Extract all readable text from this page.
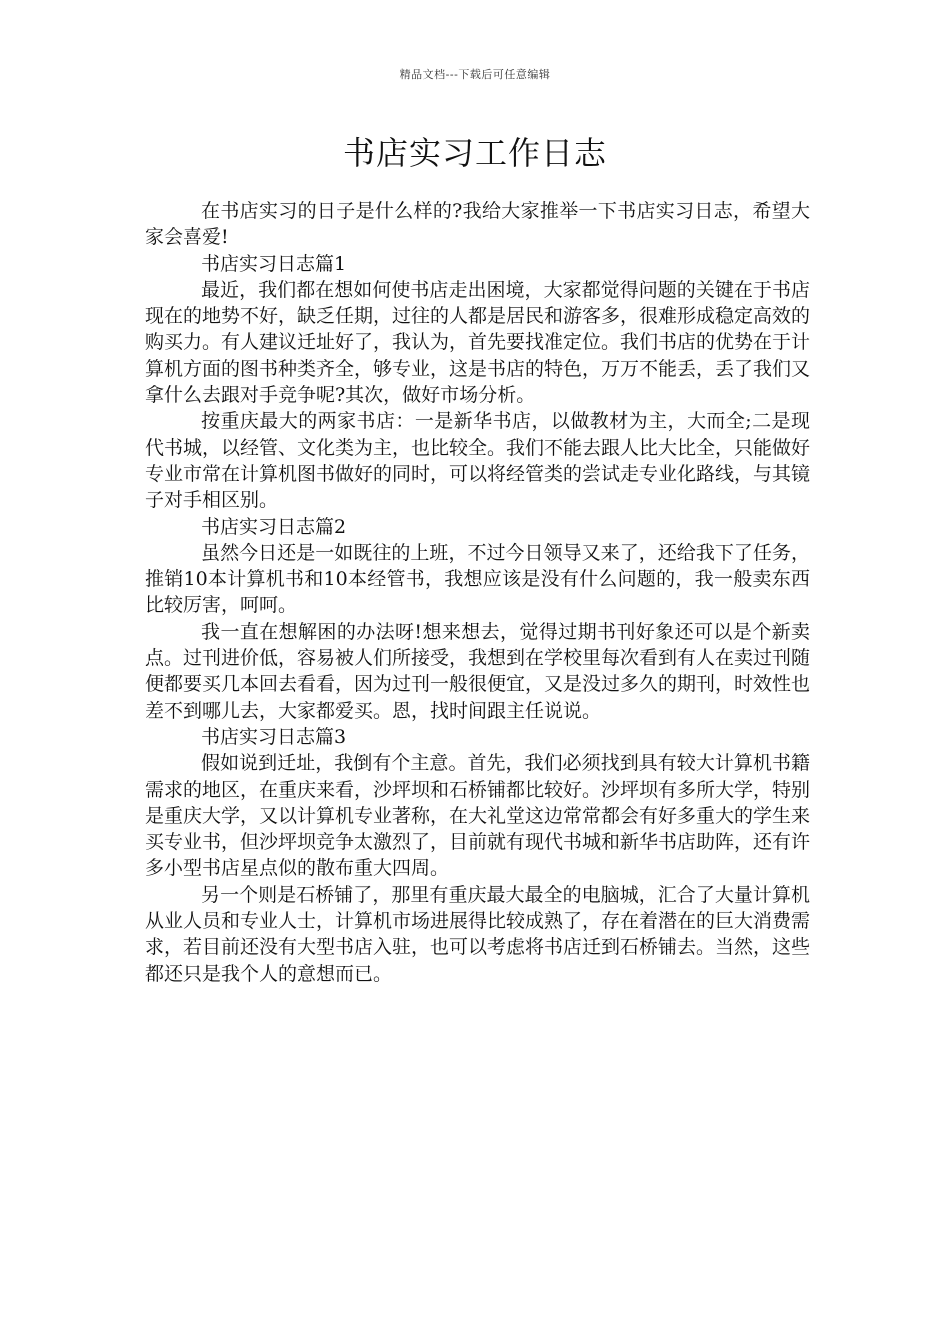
精品文档---下载后可任意编辑
书店实习工作日志

在书店实习的日子是什么样的?我给大家推举一下书店实习日志，希望大家会喜爱!

书店实习日志篇1

最近，我们都在想如何使书店走出困境，大家都觉得问题的关键在于书店现在的地势不好，缺乏任期，过往的人都是居民和游客多，很难形成稳定高效的购买力。有人建议迁址好了，我认为，首先要找准定位。我们书店的优势在于计算机方面的图书种类齐全，够专业，这是书店的特色，万万不能丢，丢了我们又拿什么去跟对手竞争呢?其次，做好市场分析。

按重庆最大的两家书店：一是新华书店，以做教材为主，大而全;二是现代书城，以经管、文化类为主，也比较全。我们不能去跟人比大比全，只能做好专业市常在计算机图书做好的同时，可以将经管类的尝试走专业化路线，与其镜子对手相区别。

书店实习日志篇2

虽然今日还是一如既往的上班，不过今日领导又来了，还给我下了任务，推销10本计算机书和10本经管书，我想应该是没有什么问题的，我一般卖东西比较厉害，呵呵。

我一直在想解困的办法呀!想来想去，觉得过期书刊好象还可以是个新卖点。过刊进价低，容易被人们所接受，我想到在学校里每次看到有人在卖过刊随便都要买几本回去看看，因为过刊一般很便宜，又是没过多久的期刊，时效性也差不到哪儿去，大家都爱买。恩，找时间跟主任说说。

书店实习日志篇3

假如说到迁址，我倒有个主意。首先，我们必须找到具有较大计算机书籍需求的地区，在重庆来看，沙坪坝和石桥铺都比较好。沙坪坝有多所大学，特别是重庆大学，又以计算机专业著称，在大礼堂这边常常都会有好多重大的学生来买专业书，但沙坪坝竞争太激烈了，目前就有现代书城和新华书店助阵，还有许多小型书店星点似的散布重大四周。

另一个则是石桥铺了，那里有重庆最大最全的电脑城，汇合了大量计算机从业人员和专业人士，计算机市场进展得比较成熟了，存在着潜在的巨大消费需求，若目前还没有大型书店入驻，也可以考虑将书店迁到石桥铺去。当然，这些都还只是我个人的意想而已。
